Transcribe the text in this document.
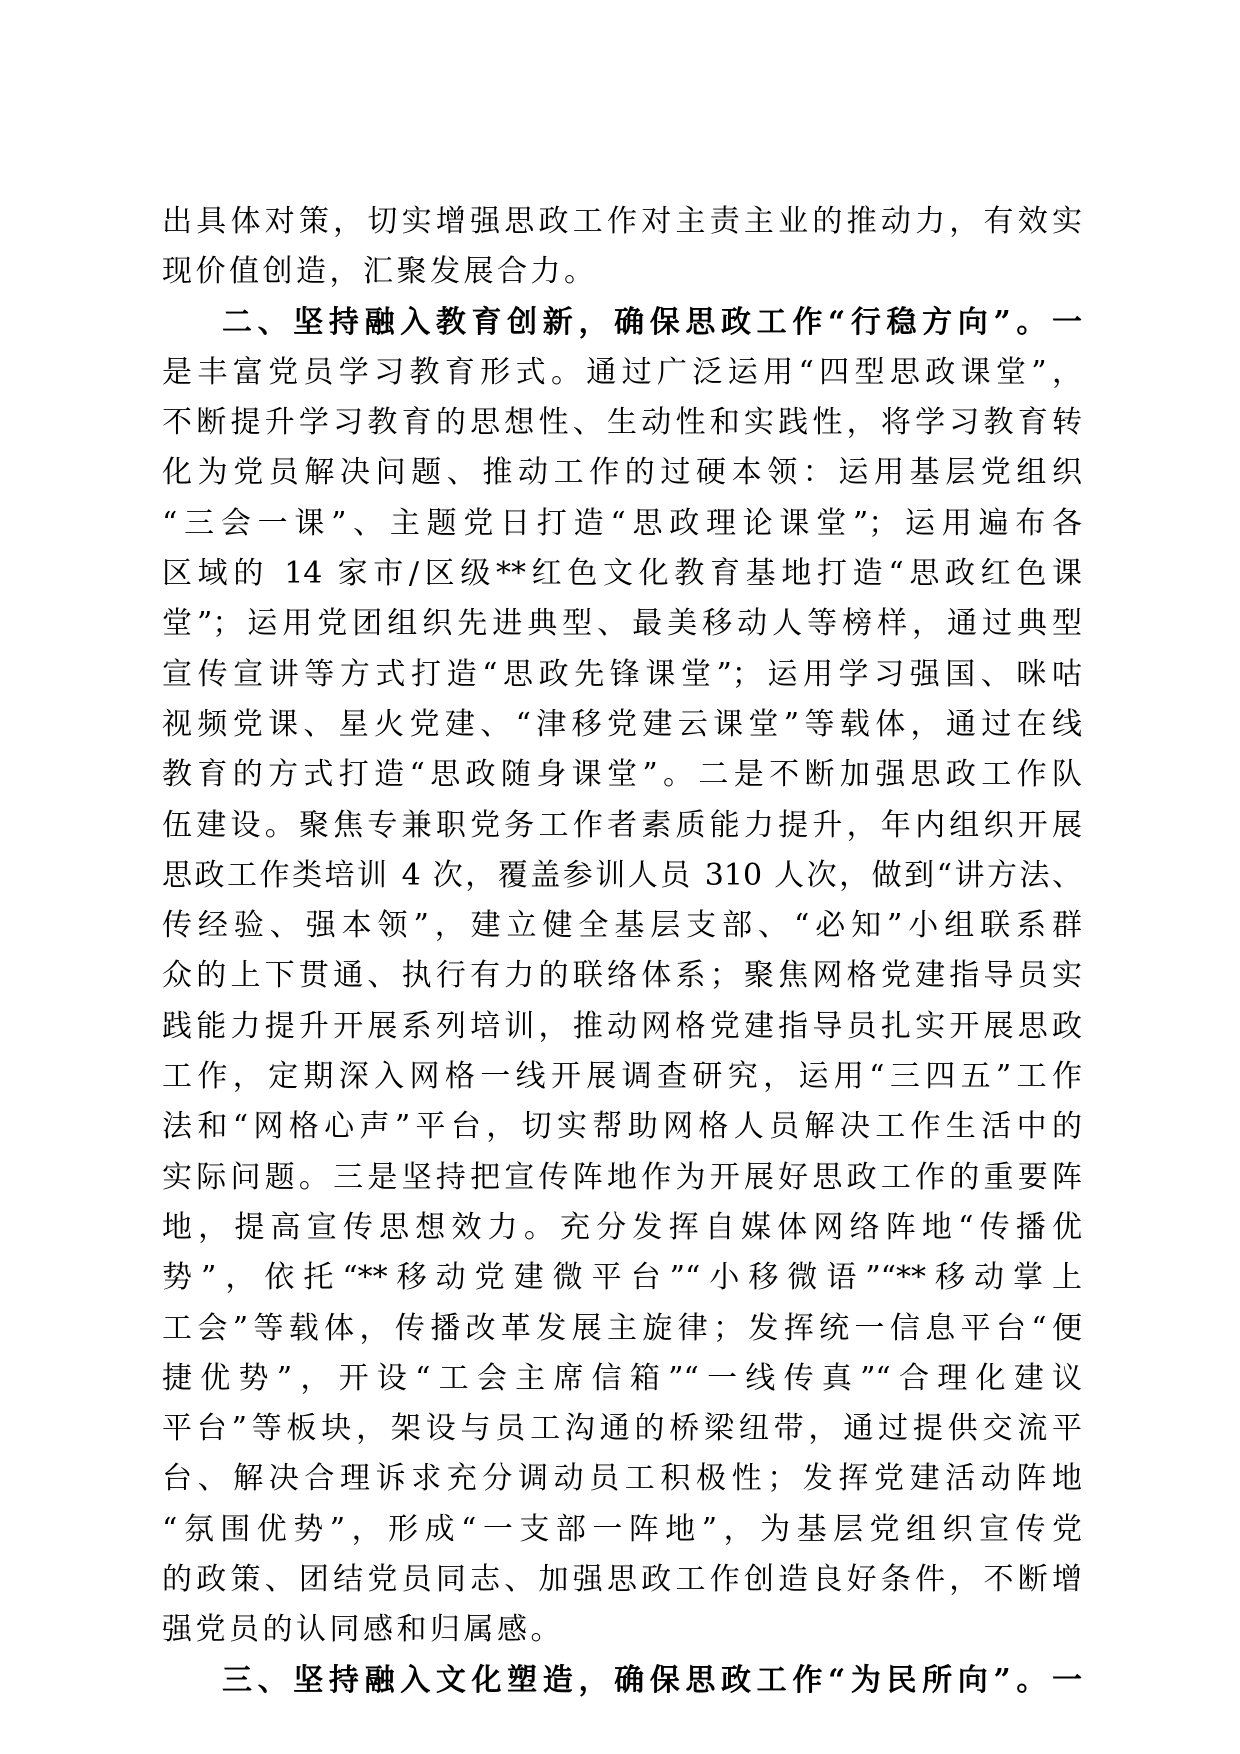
出具体对策，切实增强思政工作对主责主业的推动力，有效实
现价值创造，汇聚发展合力。
二、坚持融入教育创新，确保思政工作“行稳方向”。一
是丰富党员学习教育形式。通过广泛运用“四型思政课堂”，
不断提升学习教育的思想性、生动性和实践性，将学习教育转
化为党员解决问题、推动工作的过硬本领：运用基层党组织
“三会一课”、主题党日打造“思政理论课堂”；运用遍布各
区域的 14 家市/区级**红色文化教育基地打造“思政红色课
堂”；运用党团组织先进典型、最美移动人等榜样，通过典型
宣传宣讲等方式打造“思政先锋课堂”；运用学习强国、咪咕
视频党课、星火党建、“津移党建云课堂”等载体，通过在线
教育的方式打造“思政随身课堂”。二是不断加强思政工作队
伍建设。聚焦专兼职党务工作者素质能力提升，年内组织开展
思政工作类培训 4 次，覆盖参训人员 310 人次，做到“讲方法、
传经验、强本领”，建立健全基层支部、“必知”小组联系群
众的上下贯通、执行有力的联络体系；聚焦网格党建指导员实
践能力提升开展系列培训，推动网格党建指导员扎实开展思政
工作，定期深入网格一线开展调查研究，运用“三四五”工作
法和“网格心声”平台，切实帮助网格人员解决工作生活中的
实际问题。三是坚持把宣传阵地作为开展好思政工作的重要阵
地，提高宣传思想效力。充分发挥自媒体网络阵地“传播优
势”，依托“**移动党建微平台”“小移微语”“**移动掌上
工会”等载体，传播改革发展主旋律；发挥统一信息平台“便
捷优势”，开设“工会主席信箱”“一线传真”“合理化建议
平台”等板块，架设与员工沟通的桥梁纽带，通过提供交流平
台、解决合理诉求充分调动员工积极性；发挥党建活动阵地
“氛围优势”，形成“一支部一阵地”，为基层党组织宣传党
的政策、团结党员同志、加强思政工作创造良好条件，不断增
强党员的认同感和归属感。
三、坚持融入文化塑造，确保思政工作“为民所向”。一
